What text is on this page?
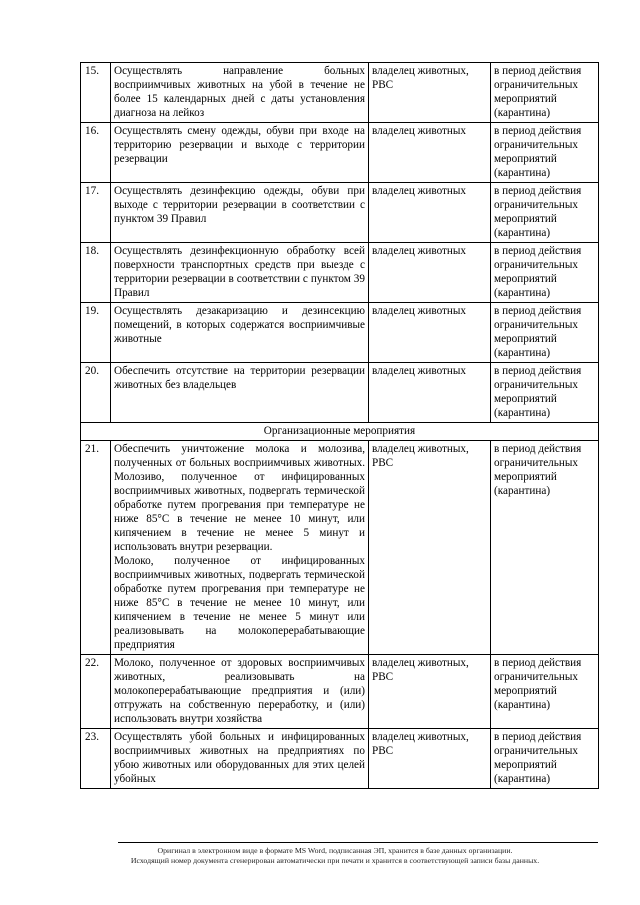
15.	Осуществлять направление больных восприимчивых животных на убой в течение не более 15 календарных дней с даты установления диагноза на лейкоз	владелец животных, РВС	в период действия ограничительных мероприятий (карантина)
16.	Осуществлять смену одежды, обуви при входе на территорию резервации и выходе с территории резервации	владелец животных	в период действия ограничительных мероприятий (карантина)
17.	Осуществлять дезинфекцию одежды, обуви при выходе с территории резервации в соответствии с пунктом 39 Правил	владелец животных	в период действия ограничительных мероприятий (карантина)
18.	Осуществлять дезинфекционную обработку всей поверхности транспортных средств при выезде с территории резервации в соответствии с пунктом 39 Правил	владелец животных	в период действия ограничительных мероприятий (карантина)
19.	Осуществлять дезакаризацию и дезинсекцию помещений, в которых содержатся восприимчивые животные	владелец животных	в период действия ограничительных мероприятий (карантина)
20.	Обеспечить отсутствие на территории резервации животных без владельцев	владелец животных	в период действия ограничительных мероприятий (карантина)
Организационные мероприятия			
21.	Обеспечить уничтожение молока и молозива, полученных от больных восприимчивых животных. Молозиво, полученное от инфицированных восприимчивых животных, подвергать термической обработке путем прогревания при температуре не ниже 85°С в течение не менее 10 минут, или кипячением в течение не менее 5 минут и использовать внутри резервации.

Молоко, полученное от инфицированных восприимчивых животных, подвергать термической обработке путем прогревания при температуре не ниже 85°С в течение не менее 10 минут, или кипячением в течение не менее 5 минут или реализовывать на молокоперерабатывающие предприятия	владелец животных, РВС	в период действия ограничительных мероприятий (карантина)
22.	Молоко, полученное от здоровых восприимчивых животных, реализовывать на молокоперерабатывающие предприятия и (или) отгружать на собственную переработку, и (или) использовать внутри хозяйства	владелец животных, РВС	в период действия ограничительных мероприятий (карантина)
23.	Осуществлять убой больных и инфицированных восприимчивых животных на предприятиях по убою животных или оборудованных для этих целей убойных	владелец животных, РВС	в период действия ограничительных мероприятий (карантина)
Оригинал в электронном виде в формате MS Word, подписанная ЭП, хранится в базе данных организации.
Исходящий номер документа сгенерирован автоматически при печати и хранится в соответствующей записи базы данных.
